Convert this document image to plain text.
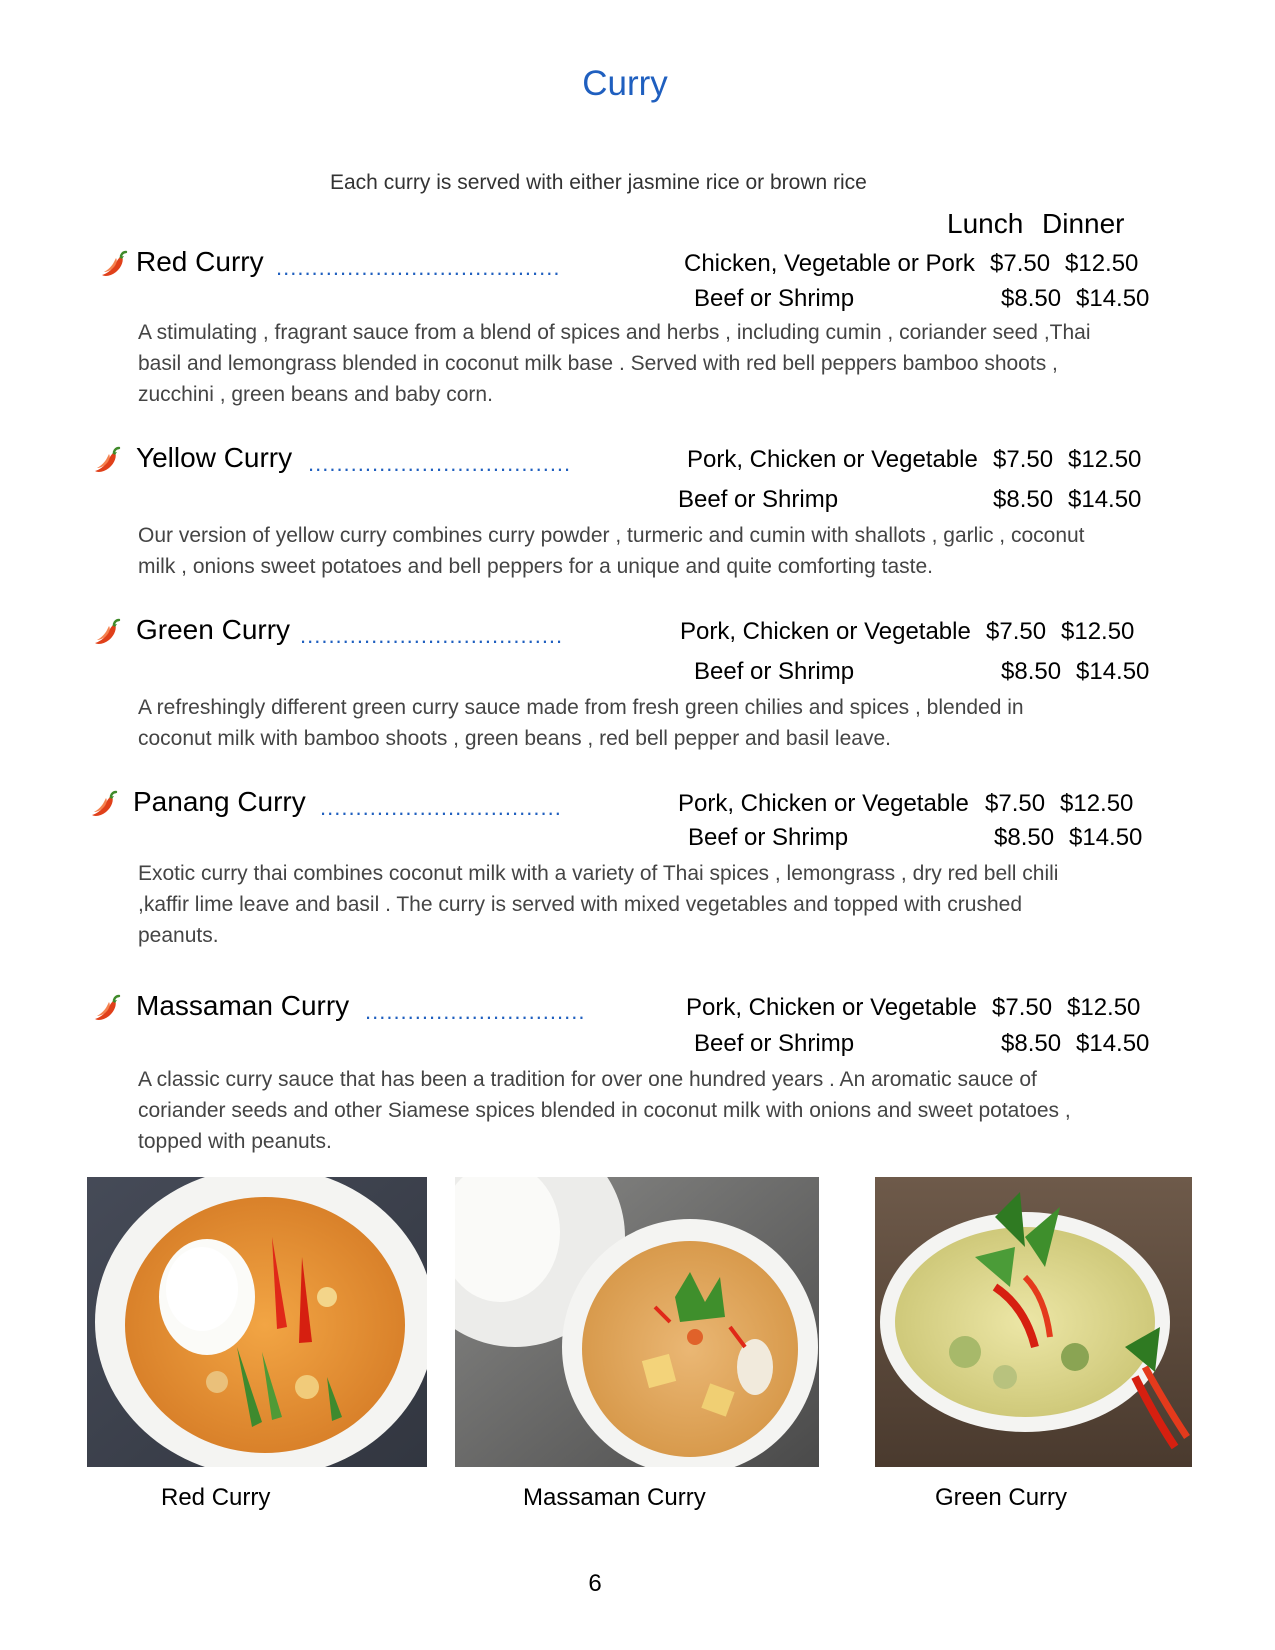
Curry
Each curry is served with either jasmine rice or brown rice
Lunch Dinner
Red Curry ........................................	Chicken, Vegetable or Pork $7.50 $12.50
Beef or Shrimp	$8.50 $14.50
A stimulating , fragrant sauce from a blend of spices and herbs , including cumin , coriander seed ,Thai basil and lemongrass blended in coconut milk base . Served with red bell peppers bamboo shoots , zucchini , green beans and baby corn.
Yellow Curry .....................................	Pork, Chicken or Vegetable $7.50 $12.50
Beef or Shrimp	$8.50 $14.50
Our version of yellow curry combines curry powder , turmeric and cumin with shallots , garlic , coconut milk , onions sweet potatoes and bell peppers for a unique and quite comforting taste.
Green Curry .....................................	Pork, Chicken or Vegetable $7.50 $12.50
Beef or Shrimp	$8.50 $14.50
A refreshingly different green curry sauce made from fresh green chilies and spices , blended in coconut milk with bamboo shoots , green beans , red bell pepper and basil leave.
Panang Curry ..................................	Pork, Chicken or Vegetable $7.50 $12.50
Beef or Shrimp	$8.50 $14.50
Exotic curry thai combines coconut milk with a variety of Thai spices , lemongrass , dry red bell chili ,kaffir lime leave and basil . The curry is served with mixed vegetables and topped with crushed peanuts.
Massaman Curry ...............................	Pork, Chicken or Vegetable $7.50 $12.50
Beef or Shrimp	$8.50 $14.50
A classic curry sauce that has been a tradition for over one hundred years . An aromatic sauce of coriander seeds and other Siamese spices blended in coconut milk with onions and sweet potatoes , topped with peanuts.
Red Curry	Massaman Curry	Green Curry
6
